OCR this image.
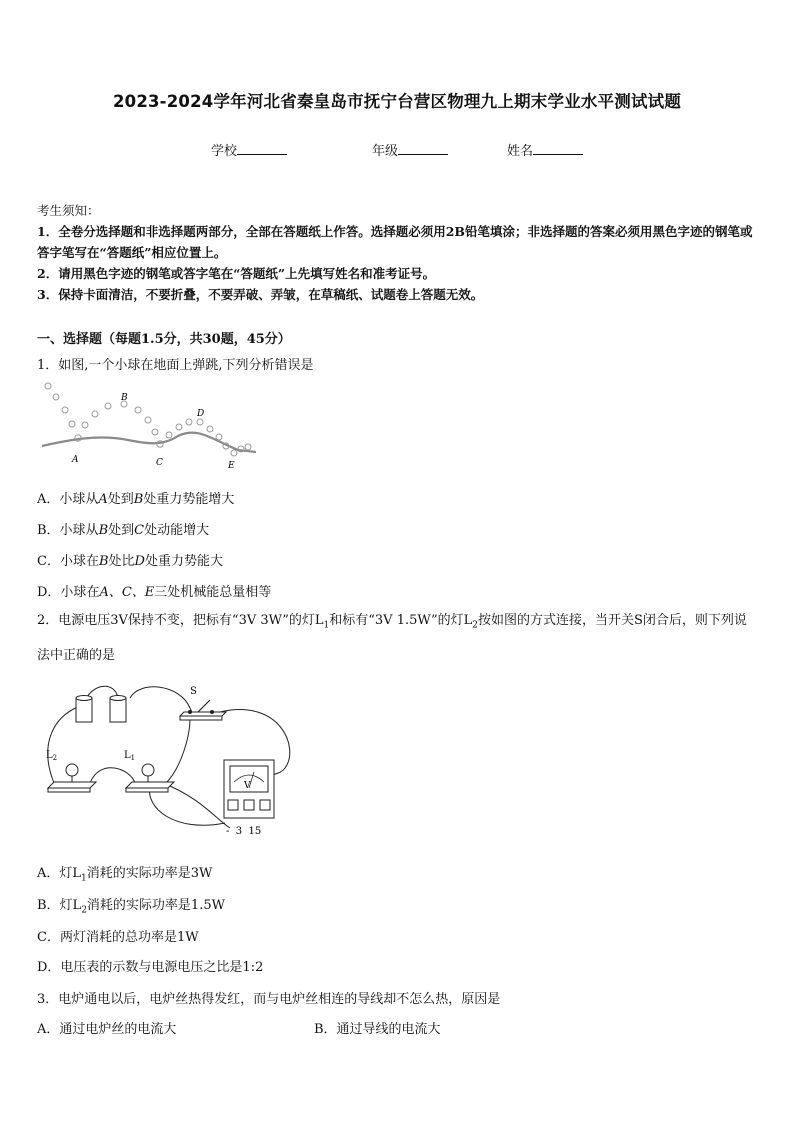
2023-2024学年河北省秦皇岛市抚宁台营区物理九上期末学业水平测试试题
学校	年级	姓名
考生须知：
1．全卷分选择题和非选择题两部分，全部在答题纸上作答。选择题必须用2B铅笔填涂；非选择题的答案必须用黑色字迹的钢笔或答字笔写在“答题纸”相应位置上。
2．请用黑色字迹的钢笔或答字笔在“答题纸”上先填写姓名和准考证号。
3．保持卡面清洁，不要折叠，不要弄破、弄皱，在草稿纸、试题卷上答题无效。
一、选择题（每题1.5分，共30题，45分）
1．如图,一个小球在地面上弹跳,下列分析错误是
A
B
C
D
E
A．小球从A处到B处重力势能增大
B．小球从B处到C处动能增大
C．小球在B处比D处重力势能大
D．小球在A、C、E三处机械能总量相等
2．电源电压3V保持不变，把标有“3V 3W”的灯$L_1$和标有“3V 1.5W”的灯$L_2$按如图的方式连接，当开关S闭合后，则下列说法中正确的是
S
$L_2$	$L_1$
V
-  3  15
A．灯$L_1$消耗的实际功率是3W
B．灯$L_2$消耗的实际功率是1.5W
C．两灯消耗的总功率是1W
D．电压表的示数与电源电压之比是1:2
3．电炉通电以后，电炉丝热得发红，而与电炉丝相连的导线却不怎么热，原因是
A．通过电炉丝的电流大	B．通过导线的电流大
